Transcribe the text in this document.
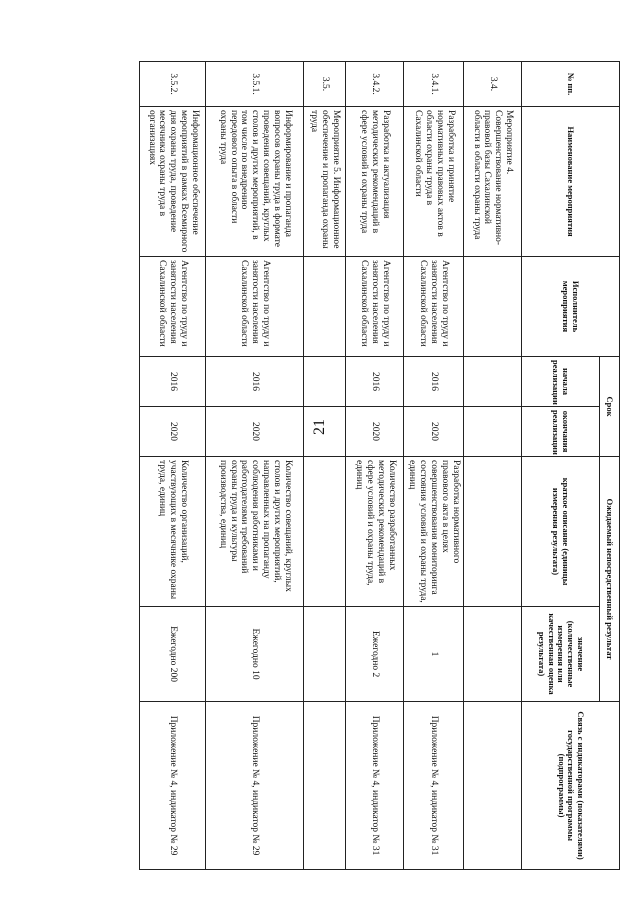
21
№ пп.	Наименование мероприятия	Исполнитель мероприятия	Срок		Ожидаемый непосредственный результат		Связь с индикаторами (показателями) государственной программы (подпрограммы)
			начала реализации	окончания реализации	краткое описание (единицы измерения результата)	значение (количественные измерения или качественная оценка результата)	
3.4.	Мероприятие 4. Совершенствование нормативно-правовой базы Сахалинской области в области охраны труда						
3.4.1.	Разработка и принятие нормативных правовых актов в области охраны труда в Сахалинской области	Агентство по труду и занятости населения Сахалинской области	2016	2020	Разработка нормативного правового акта в целях совершенствования мониторинга состояния условий и охраны труда, единиц	1	Приложение № 4, индикатор № 31
3.4.2.	Разработка и актуализация методических рекомендаций в сфере условий и охраны труда	Агентство по труду и занятости населения Сахалинской области	2016	2020	Количество разработанных методических рекомендаций в сфере условий и охраны труда, единиц	Ежегодно 2	Приложение № 4, индикатор № 31
3.5.	Мероприятие 5. Информационное обеспечение и пропаганда охраны труда						
3.5.1.	Информирование и пропаганда вопросов охраны труда в формате проведения совещаний, круглых столов и других мероприятий, в том числе по внедрению передового опыта в области охраны труда	Агентство по труду и занятости населения Сахалинской области	2016	2020	Количество совещаний, круглых столов и других мероприятий, направленных на пропаганду соблюдения работниками и работодателями требований охраны труда и культуры производства, единиц	Ежегодно 10	Приложение № 4, индикатор № 29
3.5.2.	Информационное обеспечение мероприятий в рамках Всемирного дня охраны труда, проведение месячника охраны труда в организациях	Агентство по труду и занятости населения Сахалинской области	2016	2020	Количество организаций, участвующих в месячнике охраны труда, единиц	Ежегодно 200	Приложение № 4, индикатор № 29
